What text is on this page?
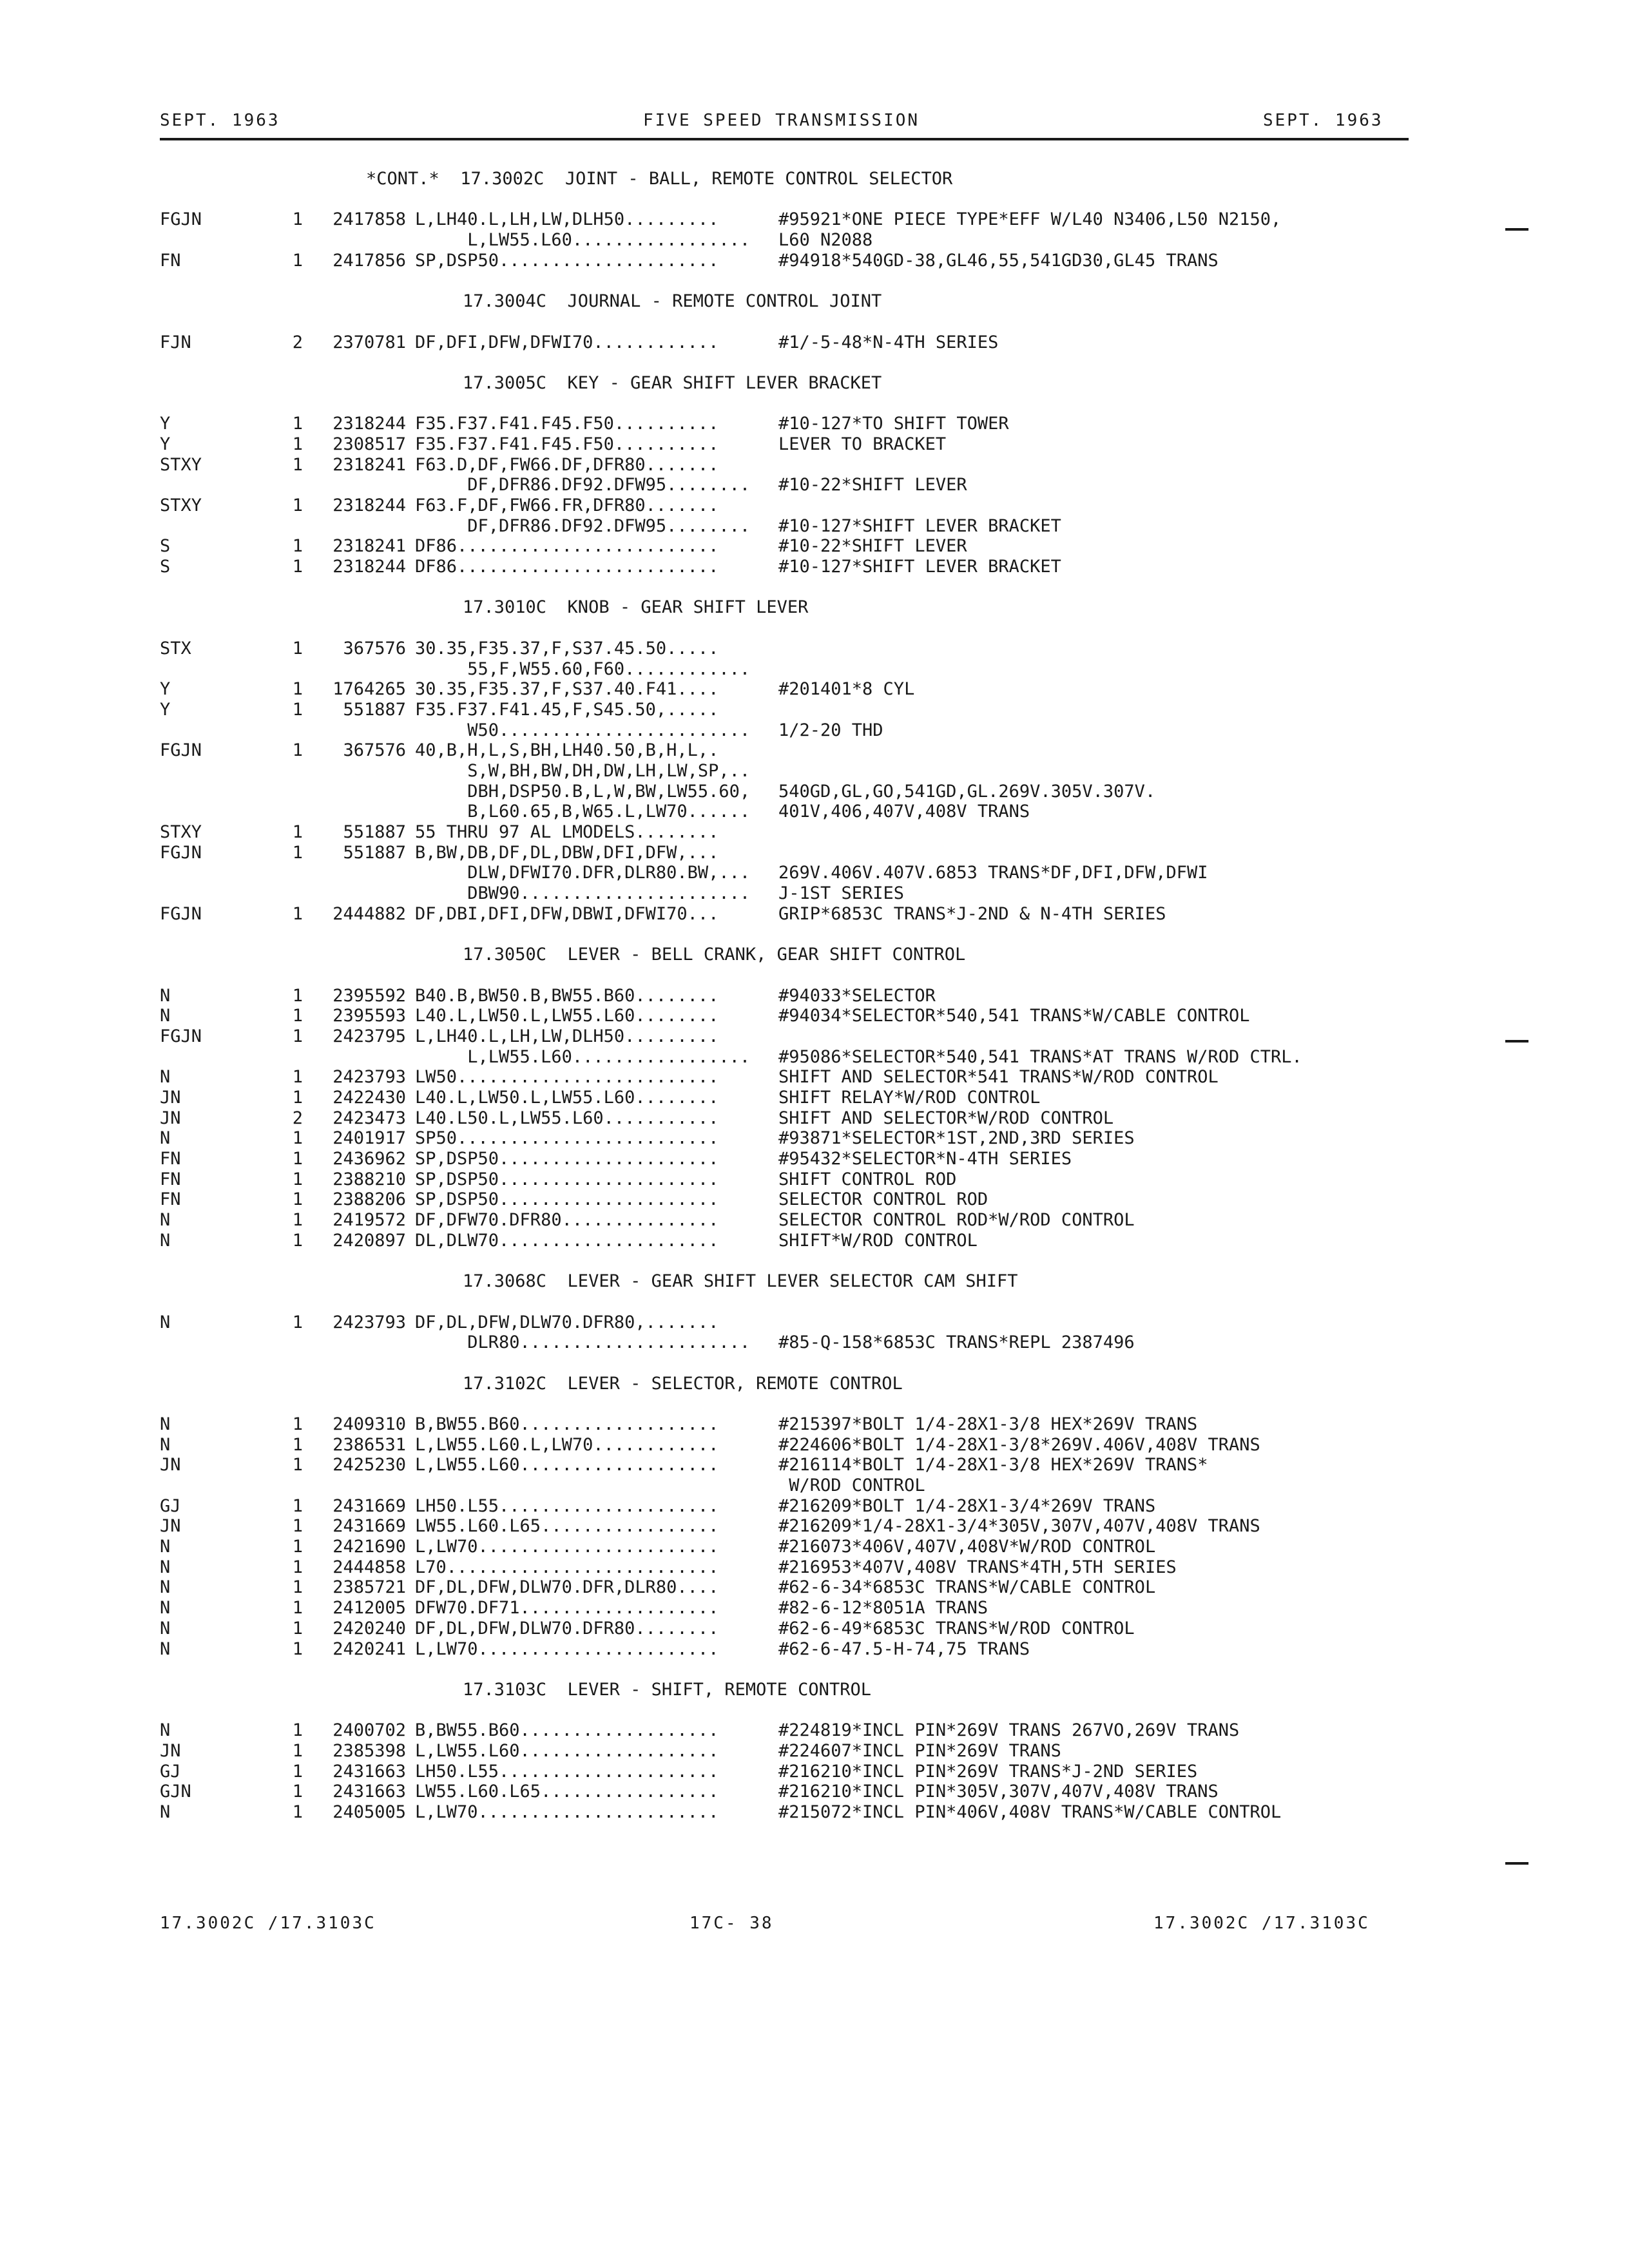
SEPT. 1963	FIVE SPEED TRANSMISSION	SEPT. 1963
*CONT.*  17.3002C  JOINT - BALL, REMOTE CONTROL SELECTOR
FGJN	1	2417858 L,LH40.L,LH,LW,DLH50.........	#95921*ONE PIECE TYPE*EFF W/L40 N3406,L50 N2150,
L,LW55.L60................. L60 N2088
FN	1	2417856 SP,DSP50.....................	#94918*540GD-38,GL46,55,541GD30,GL45 TRANS
17.3004C  JOURNAL - REMOTE CONTROL JOINT
FJN	2	2370781 DF,DFI,DFW,DFWI70............	#1/-5-48*N-4TH SERIES
17.3005C  KEY - GEAR SHIFT LEVER BRACKET
Y	1	2318244 F35.F37.F41.F45.F50..........	#10-127*TO SHIFT TOWER
Y	1	2308517 F35.F37.F41.F45.F50..........	LEVER TO BRACKET
STXY	1	2318241 F63.D,DF,FW66.DF,DFR80.......
DF,DFR86.DF92.DFW95........ #10-22*SHIFT LEVER
STXY	1	2318244 F63.F,DF,FW66.FR,DFR80.......
DF,DFR86.DF92.DFW95........ #10-127*SHIFT LEVER BRACKET
S	1	2318241 DF86.........................	#10-22*SHIFT LEVER
S	1	2318244 DF86.........................	#10-127*SHIFT LEVER BRACKET
17.3010C  KNOB - GEAR SHIFT LEVER
STX	1	367576 30.35,F35.37,F,S37.45.50.....
55,F,W55.60,F60............
Y	1	1764265 30.35,F35.37,F,S37.40.F41....	#201401*8 CYL
Y	1	551887 F35.F37.F41.45,F,S45.50,.....
W50........................ 1/2-20 THD
FGJN	1	367576 40,B,H,L,S,BH,LH40.50,B,H,L,.
S,W,BH,BW,DH,DW,LH,LW,SP,..
DBH,DSP50.B,L,W,BW,LW55.60, 540GD,GL,GO,541GD,GL.269V.305V.307V.
B,L60.65,B,W65.L,LW70...... 401V,406,407V,408V TRANS
STXY	1	551887 55 THRU 97 AL LMODELS........
FGJN	1	551887 B,BW,DB,DF,DL,DBW,DFI,DFW,...
DLW,DFWI70.DFR,DLR80.BW,... 269V.406V.407V.6853 TRANS*DF,DFI,DFW,DFWI
DBW90...................... J-1ST SERIES
FGJN	1	2444882 DF,DBI,DFI,DFW,DBWI,DFWI70...	GRIP*6853C TRANS*J-2ND & N-4TH SERIES
17.3050C  LEVER - BELL CRANK, GEAR SHIFT CONTROL
N	1	2395592 B40.B,BW50.B,BW55.B60........	#94033*SELECTOR
N	1	2395593 L40.L,LW50.L,LW55.L60........	#94034*SELECTOR*540,541 TRANS*W/CABLE CONTROL
FGJN	1	2423795 L,LH40.L,LH,LW,DLH50.........
L,LW55.L60................. #95086*SELECTOR*540,541 TRANS*AT TRANS W/ROD CTRL.
N	1	2423793 LW50.........................	SHIFT AND SELECTOR*541 TRANS*W/ROD CONTROL
JN	1	2422430 L40.L,LW50.L,LW55.L60........	SHIFT RELAY*W/ROD CONTROL
JN	2	2423473 L40.L50.L,LW55.L60...........	SHIFT AND SELECTOR*W/ROD CONTROL
N	1	2401917 SP50.........................	#93871*SELECTOR*1ST,2ND,3RD SERIES
FN	1	2436962 SP,DSP50.....................	#95432*SELECTOR*N-4TH SERIES
FN	1	2388210 SP,DSP50.....................	SHIFT CONTROL ROD
FN	1	2388206 SP,DSP50.....................	SELECTOR CONTROL ROD
N	1	2419572 DF,DFW70.DFR80...............	SELECTOR CONTROL ROD*W/ROD CONTROL
N	1	2420897 DL,DLW70.....................	SHIFT*W/ROD CONTROL
17.3068C  LEVER - GEAR SHIFT LEVER SELECTOR CAM SHIFT
N	1	2423793 DF,DL,DFW,DLW70.DFR80,.......
DLR80...................... #85-Q-158*6853C TRANS*REPL 2387496
17.3102C  LEVER - SELECTOR, REMOTE CONTROL
N	1	2409310 B,BW55.B60...................	#215397*BOLT 1/4-28X1-3/8 HEX*269V TRANS
N	1	2386531 L,LW55.L60.L,LW70............	#224606*BOLT 1/4-28X1-3/8*269V.406V,408V TRANS
JN	1	2425230 L,LW55.L60...................	#216114*BOLT 1/4-28X1-3/8 HEX*269V TRANS*
W/ROD CONTROL
GJ	1	2431669 LH50.L55.....................	#216209*BOLT 1/4-28X1-3/4*269V TRANS
JN	1	2431669 LW55.L60.L65.................	#216209*1/4-28X1-3/4*305V,307V,407V,408V TRANS
N	1	2421690 L,LW70.......................	#216073*406V,407V,408V*W/ROD CONTROL
N	1	2444858 L70..........................	#216953*407V,408V TRANS*4TH,5TH SERIES
N	1	2385721 DF,DL,DFW,DLW70.DFR,DLR80....	#62-6-34*6853C TRANS*W/CABLE CONTROL
N	1	2412005 DFW70.DF71...................	#82-6-12*8051A TRANS
N	1	2420240 DF,DL,DFW,DLW70.DFR80........	#62-6-49*6853C TRANS*W/ROD CONTROL
N	1	2420241 L,LW70.......................	#62-6-47.5-H-74,75 TRANS
17.3103C  LEVER - SHIFT, REMOTE CONTROL
N	1	2400702 B,BW55.B60...................	#224819*INCL PIN*269V TRANS 267VO,269V TRANS
JN	1	2385398 L,LW55.L60...................	#224607*INCL PIN*269V TRANS
GJ	1	2431663 LH50.L55.....................	#216210*INCL PIN*269V TRANS*J-2ND SERIES
GJN	1	2431663 LW55.L60.L65.................	#216210*INCL PIN*305V,307V,407V,408V TRANS
N	1	2405005 L,LW70.......................	#215072*INCL PIN*406V,408V TRANS*W/CABLE CONTROL
17.3002C /17.3103C	17C- 38	17.3002C /17.3103C
